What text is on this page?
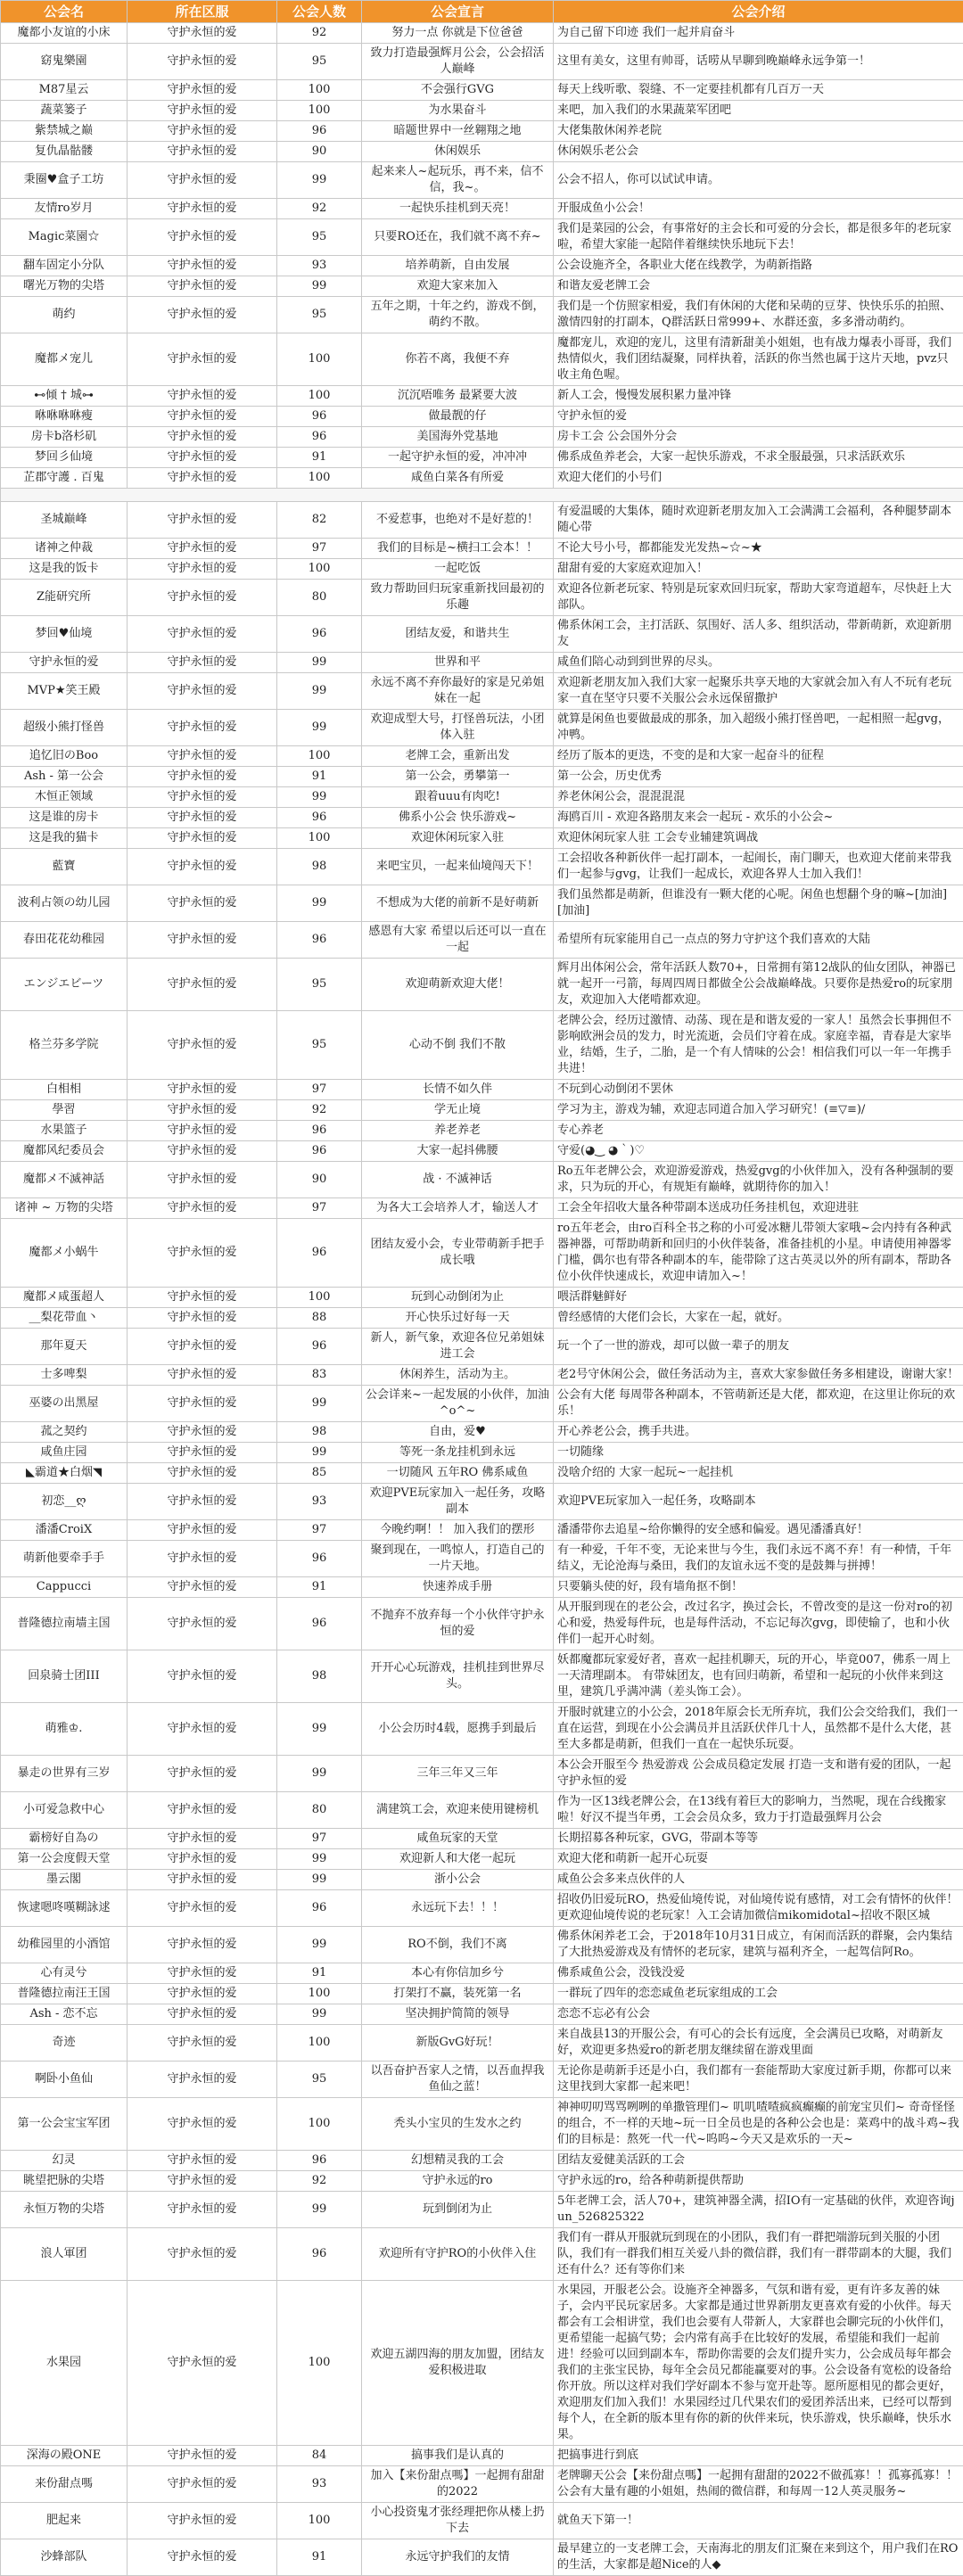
公会名	所在区服	公会人数	公会宣言	公会介绍
魔都小友谊的小床	守护永恒的爱	92	努力一点 你就是下位爸爸	为自己留下印迹 我们一起并肩奋斗
窈鬼樂園	守护永恒的爱	95	致力打造最强辉月公会，公会招活人巅峰	这里有美女，这里有帅哥，话唠从早聊到晚巅峰永远争第一！
M87星云	守护永恒的爱	100	不会强行GVG	每天上线听歌、裂缝、不一定要挂机都有几百万一天
蔬菜篓子	守护永恒的爱	100	为水果奋斗	来吧，加入我们的水果蔬菜军团吧
紫禁城之巅	守护永恒的爱	96	暗题世界中一丝翱翔之地	大佬集散休闲养老院
复仇晶骷髅	守护永恒的爱	90	休闲娱乐	休闲娱乐老公会
秉圈♥盒子工坊	守护永恒的爱	99	起来来人~起玩乐，再不来，信不信，我~。	公会不招人，你可以试试申请。
友情ro岁月	守护永恒的爱	92	一起快乐挂机到天亮！	开服成鱼小公会！
Magic菜園☆	守护永恒的爱	95	只要RO还在，我们就不离不弃~	我们是菜园的公会，有事常好的主会长和可爱的分会长，都是很多年的老玩家啦，希望大家能一起陪伴着继续快乐地玩下去！
翻车固定小分队	守护永恒的爱	93	培养萌新，自由发展	公会设施齐全，各职业大佬在线教学，为萌新指路
曙光万物的尖塔	守护永恒的爱	99	欢迎大家来加入	和谐友爱老牌工会
萌约	守护永恒的爱	95	五年之期，十年之约，游戏不倒，萌约不散。	我们是一个仿照家相爱，我们有休闲的大佬和呆萌的豆芽、快快乐乐的拍照、激情四射的打副本，Q群活跃日常999+、水群还蛮，多多滑动萌约。
魔都メ宠儿	守护永恒的爱	100	你若不离，我便不弃	魔都宠儿，欢迎的宠儿，这里有清新甜美小姐姐，也有战力爆表小哥哥，我们热情似火，我们团结凝聚，同样执着，活跃的你当然也属于这片天地，pvz只收主角色喔。
⊷倾 † 城⊶	守护永恒的爱	100	沉沉唔唯务 最紧要大波	新人工会，慢慢发展积累力量冲锋
咻咻咻咻瘦	守护永恒的爱	96	做最靓的仔	守护永恒的爱
房卡b洛杉矶	守护永恒的爱	96	美国海外党基地	房卡工会 公会国外分会
梦回彡仙境	守护永恒的爱	91	一起守护永恒的爱，冲冲冲	佛系成鱼养老会，大家一起快乐游戏，不求全服最强，只求活跃欢乐
芷郡守護 . 百鬼	守护永恒的爱	100	咸鱼白菜各有所爱	欢迎大佬们的小号们

圣城巅峰	守护永恒的爱	82	不爱惹事，也绝对不是好惹的！	有爱温暖的大集体，随时欢迎新老朋友加入工会满满工会福利，各种腿梦副本随心带
诸神之仲裁	守护永恒的爱	97	我们的目标是~横扫工会本！！	不论大号小号，都都能发光发热~☆~★
这是我的饭卡	守护永恒的爱	100	一起吃饭	甜甜有爱的大家庭欢迎加入！
Z能研究所	守护永恒的爱	80	致力帮助回归玩家重新找回最初的乐趣	欢迎各位新老玩家、特别是玩家欢回归玩家，帮助大家弯道超车，尽快赶上大部队。
梦回♥仙境	守护永恒的爱	96	团结友爱，和谐共生	佛系休闲工会，主打活跃、氛围好、活人多、组织活动，带新萌新，欢迎新朋友
守护永恒的爱	守护永恒的爱	99	世界和平	咸鱼们陪心动到到世界的尽头。
MVP★笑王殿	守护永恒的爱	99	永远不离不弃你最好的家是兄弟姐妹在一起	欢迎新老朋友加入我们大家一起聚乐共享天地的大家就会加入有人不玩有老玩家一直在坚守只要不关服公会永远保留撒护
超级小熊打怪兽	守护永恒的爱	99	欢迎成型大号，打怪兽玩法，小团体入驻	就算是闲鱼也要做最成的那条，加入超级小熊打怪兽吧，一起相照一起gvg，冲鸭。
追忆旧のBoo	守护永恒的爱	100	老牌工会，重新出发	经历了版本的更迭，不变的是和大家一起奋斗的征程
Ash - 第一公会	守护永恒的爱	91	第一公会，勇攀第一	第一公会，历史优秀
木恒正领域	守护永恒的爱	99	跟着uuu有肉吃!	养老休闲公会，混混混混
这是谁的房卡	守护永恒的爱	96	佛系小公会 快乐游戏~	海鸥百川 - 欢迎各路朋友来会一起玩 - 欢乐的小公会~
这是我的猫卡	守护永恒的爱	100	欢迎休闲玩家入驻	欢迎休闲玩家人驻 工会专业辅建筑调战
藍寶	守护永恒的爱	98	来吧宝贝，一起来仙境闯天下！	工会招收各种新伙伴一起打副本，一起闹长，南门聊天，也欢迎大佬前来带我们一起参与gvg，让我们一起成长，欢迎各界人士加入我们！
波利占领の幼儿园	守护永恒的爱	99	不想成为大佬的前新不是好萌新	我们虽然都是萌新，但谁没有一颗大佬的心呢。闲鱼也想翻个身的嘛~[加油][加油]
春田花花幼稚园	守护永恒的爱	96	感恩有大家 希望以后还可以一直在一起	希望所有玩家能用自己一点点的努力守护这个我们喜欢的大陆
エンジエビーツ	守护永恒的爱	95	欢迎萌新欢迎大佬！	辉月出体闲公会，常年活跃人数70+，日常拥有第12战队的仙女团队，神器已就一起开一弓箭，每周四周日都做全公会战巅峰战。只要你是热爱ro的玩家朋友，欢迎加入大佬啃都欢迎。
格兰芬多学院	守护永恒的爱	95	心动不倒 我们不散	老牌公会，经历过激情、动荡、现在是和谐友爱的一家人！虽然会长事拥但不影响欧洲会员的发力，时光流逝，会员们守着在成。家庭幸福，青春是大家毕业，结婚，生子，二胎，是一个有人情味的公会！相信我们可以一年一年携手共进！
白相相	守护永恒的爱	97	长情不如久伴	不玩到心动倒闭不罢休
學習	守护永恒的爱	92	学无止境	学习为主，游戏为辅，欢迎志同道合加入学习研究！(≡▽≡)/
水果篮子	守护永恒的爱	96	养老养老	专心养老
魔都风纪委员会	守护永恒的爱	96	大家一起抖佛腰	守爱(◕‿ ◕｀)♡
魔都メ不滅神話	守护永恒的爱	90	战 · 不滅神话	Ro五年老牌公会，欢迎游爱游戏，热爱gvg的小伙伴加入，没有各种强制的要求，只为玩的开心，有规矩有巅峰，就期待你的加入！
诸神 ~ 万物的尖塔	守护永恒的爱	97	为各大工会培养人才，输送人才	工会全年招收大量各种带副本送成功任务挂机包，欢迎进驻
魔都メ小蜗牛	守护永恒的爱	96	团结友爱小会，专业带萌新手把手成长哦	ro五年老会，由ro百科全书之称的小可爱冰糖儿带领大家哦~会内持有各种武器神器，可帮助萌新和回归的小伙伴装备，准备挂机的小星。申请使用神器零门槛，偶尔也有带各种副本的车，能带除了这古英灵以外的所有副本，帮助各位小伙伴快速成长，欢迎申请加入~！
魔都メ咸蛋超人	守护永恒的爱	100	玩到心动倒闭为止	喂活群魅鲜好
__梨花带血丶	守护永恒的爱	88	开心快乐过好每一天	曾经感情的大佬们会长，大家在一起，就好。
那年夏天	守护永恒的爱	96	新人，新气象，欢迎各位兄弟姐妹进工会	玩一个了一世的游戏，却可以做一辈子的朋友
士多啤梨	守护永恒的爱	83	休闲养生，活动为主。	老2号守休闲公会，做任务活动为主，喜欢大家参做任务多相建设，谢谢大家！
巫婆の出黑屋	守护永恒的爱	99	公会详来~一起发展的小伙伴，加油^o^~	公会有大佬 每周带各种副本，不管萌新还是大佬，都欢迎，在这里让你玩的欢乐！
菰之契约	守护永恒的爱	98	自由，爱♥	开心养老公会，携手共进。
咸鱼庄园	守护永恒的爱	99	等死一条龙挂机到永远	一切随缘
◣霸道★白烟◥	守护永恒的爱	85	一切随风 五年RO 佛系咸鱼	没啥介绍的 大家一起玩~一起挂机
初恋__ღ	守护永恒的爱	93	欢迎PVE玩家加入一起任务，攻略副本	欢迎PVE玩家加入一起任务，攻略副本
潘潘CroiX	守护永恒的爱	97	今晚约啊！！ 加入我们的摆形	潘潘带你去追星~给你懒得的安全感和偏爱。遇见潘潘真好！
萌新他要牵手手	守护永恒的爱	96	聚到现在，一鸣惊人，打造自己的一片天地。	有一种爱，千年不变，无论来世与今生，我们永远不离不弃！有一种情，千年结义，无论沧海与桑田，我们的友谊永远不变的是鼓舞与拼搏！
Cappucci	守护永恒的爱	91	快速养成手册	只要躺头使的好，段有墙角抠不倒！
普隆德拉南墙主国	守护永恒的爱	96	不抛弃不放弃每一个小伙伴守护永恒的爱	从开服到现在的老公会，改过名字，换过会长，不曾改变的是这一份对ro的初心和爱，热爱每件玩，也是每件活动，不忘记每次gvg，即使输了，也和小伙伴们一起开心时刻。
回泉骑士团III	守护永恒的爱	98	开开心心玩游戏，挂机挂到世界尽头。	妖都魔都玩家爱好者，喜欢一起挂机聊天，玩的开心，毕竟007，佛系一周上一天清理副本。 有带妹团友，也有回归萌新，希望和一起玩的小伙伴来到这里，建筑几乎满冲满（差头饰工会）。
萌雅♔.	守护永恒的爱	99	小公会历时4载，愿携手到最后	开服时就建立的小公会，2018年原会长无所弃坑，我们公会交给我们，我们一直在运营，到现在小公会满员并且活跃伏伴几十人，虽然都不是什么大佬，甚至大多都是萌新，但我们一直在一起快乐玩耍。
暴走の世界有三岁	守护永恒的爱	99	三年三年又三年	本公会开服至今 热爱游戏 公会成员稳定发展 打造一支和谐有爱的团队，一起守护永恒的爱
小可爱急救中心	守护永恒的爱	80	满建筑工会，欢迎来使用键榜机	作为一区13线老牌公会，在13线有着巨大的影响力，当然呢，现在合线搬家啦！好汉不提当年勇，工会会员众多，致力于打造最强辉月公会
霸榜好自為の	守护永恒的爱	97	咸鱼玩家的天堂	长期招募各种玩家，GVG，带副本等等
第一公会度假天堂	守护永恒的爱	99	欢迎新人和大佬一起玩	欢迎大佬和萌新一起开心玩耍
墨云閣	守护永恒的爱	99	浙小公会	咸鱼公会多来点伙伴的人
恢逮嗯咚嘆糊詠逑	守护永恒的爱	96	永远玩下去！！！	招收仍旧爱玩RO，热爱仙境传说，对仙境传说有感情，对工会有情怀的伙伴！更欢迎仙境传说的老玩家！入工会请加微信mikomidotal~招收不限区城
幼稚园里的小酒馆	守护永恒的爱	99	RO不倒，我们不离	佛系休闲养老工会，于2018年10月31日成立，有闲而活跃的群聚，会内集结了大批热爱游戏及有情怀的老玩家，建筑与福利齐全，一起驾信阿Ro。
心有灵兮	守护永恒的爱	91	本心有你信加乡兮	佛系咸鱼公会，没钱没爱
普隆德拉南汪王国	守护永恒的爱	100	打架打不赢，装死第一名	一群玩了四年的恋恋咸鱼老玩家组成的工会
Ash - 恋不忘	守护永恒的爱	99	坚决拥护简简的领导	恋恋不忘必有公会
奇迹	守护永恒的爱	100	新版GvG好玩！	来自战县13的开服公会，有可心的会长有远度，全会满员已攻略，对萌新友好，欢迎更多热爱ro的新老朋友继续留在游戏里面
啊卧小鱼仙	守护永恒的爱	95	以吾奋护吾家人之情，以吾血捍我鱼仙之蓝！	无论你是萌新手还是小白，我们都有一套能帮助大家度过新手期，你都可以来这里找到大家都一起来吧！
第一公会宝宝军团	守护永恒的爱	100	秃头小宝贝的生发水之约	神神叨叨骂骂咧咧的单撒管理们~ 叽叽喳喳疯疯癫癫的前宠宝贝们~ 奇奇怪怪的组合，不一样的天地~玩一日全员也是的各种公会也是：菜鸡中的战斗鸡~我们的目标是：熬死一代一代~呜呜~今天又是欢乐的一天~
幻灵	守护永恒的爱	96	幻想精灵我的工会	团结友爱健美活跃的工会
眺望把脉的尖塔	守护永恒的爱	92	守护永远的ro	守护永远的ro，给各种萌新提供帮助
永恒万物的尖塔	守护永恒的爱	99	玩到倒闭为止	5年老牌工会，活人70+，建筑神器全满，招IO有一定基础的伙伴，欢迎咨询jun_526825322
浪人軍团	守护永恒的爱	96	欢迎所有守护RO的小伙伴入住	我们有一群从开服就玩到现在的小团队，我们有一群把端游玩到关服的小团队，我们有一群我们相互关爱八卦的微信群，我们有一群带副本的大腿，我们还有什么？还有等你们来
水果园	守护永恒的爱	100	欢迎五湖四海的朋友加盟，团结友爱积极进取	水果园，开服老公会。设施齐全神器多，气氛和谐有爱，更有许多友善的妹子，会内平民玩家居多。大家都是通过世界新朋友更喜欢有爱的小伙伴。每天都会有工会相讲堂，我们也会要有人带新人，大家群也会聊完玩的小伙伴们，更希望能一起搞气势；会内常有高手在比较好的发展，希望能和我们一起前进！经验可以回到副本车，帮助你需要的会友们提升实力，公会成员每年都会我们的主张宝民协，每年全会员兄都能赢要对的事。公会设备有宽松的设备给你开放。所以这样对我们学好副本不参与宽开赴等。愿所愿相见的都会更好，欢迎朋友们加入我们！水果园经过几代果农们的爱团养活出来，已经可以帮到每个人，在全新的版本里有你的新的伙伴来玩，快乐游戏，快乐巅峰，快乐水果。
深海の殿ONE	守护永恒的爱	84	搞事我们是认真的	把搞事进行到底
来份甜点嗎	守护永恒的爱	93	加入【来份甜点嗎】一起拥有甜甜的2022	老牌聊天公会【来份甜点嗎】一起拥有甜甜的2022不做孤寡！！孤寡孤寡！！公会有大量有趣的小姐姐，热闹的微信群，和每周一12人英灵服务~
肥起来	守护永恒的爱	100	小心投资鬼才张经理把你从楼上扔下去	就鱼天下第一！
沙蜂部队	守护永恒的爱	91	永远守护我们的友情	最早建立的一支老牌工会，天南海北的朋友们汇聚在来到这个，用户我们在RO的生活，大家都是超Nice的人◆
